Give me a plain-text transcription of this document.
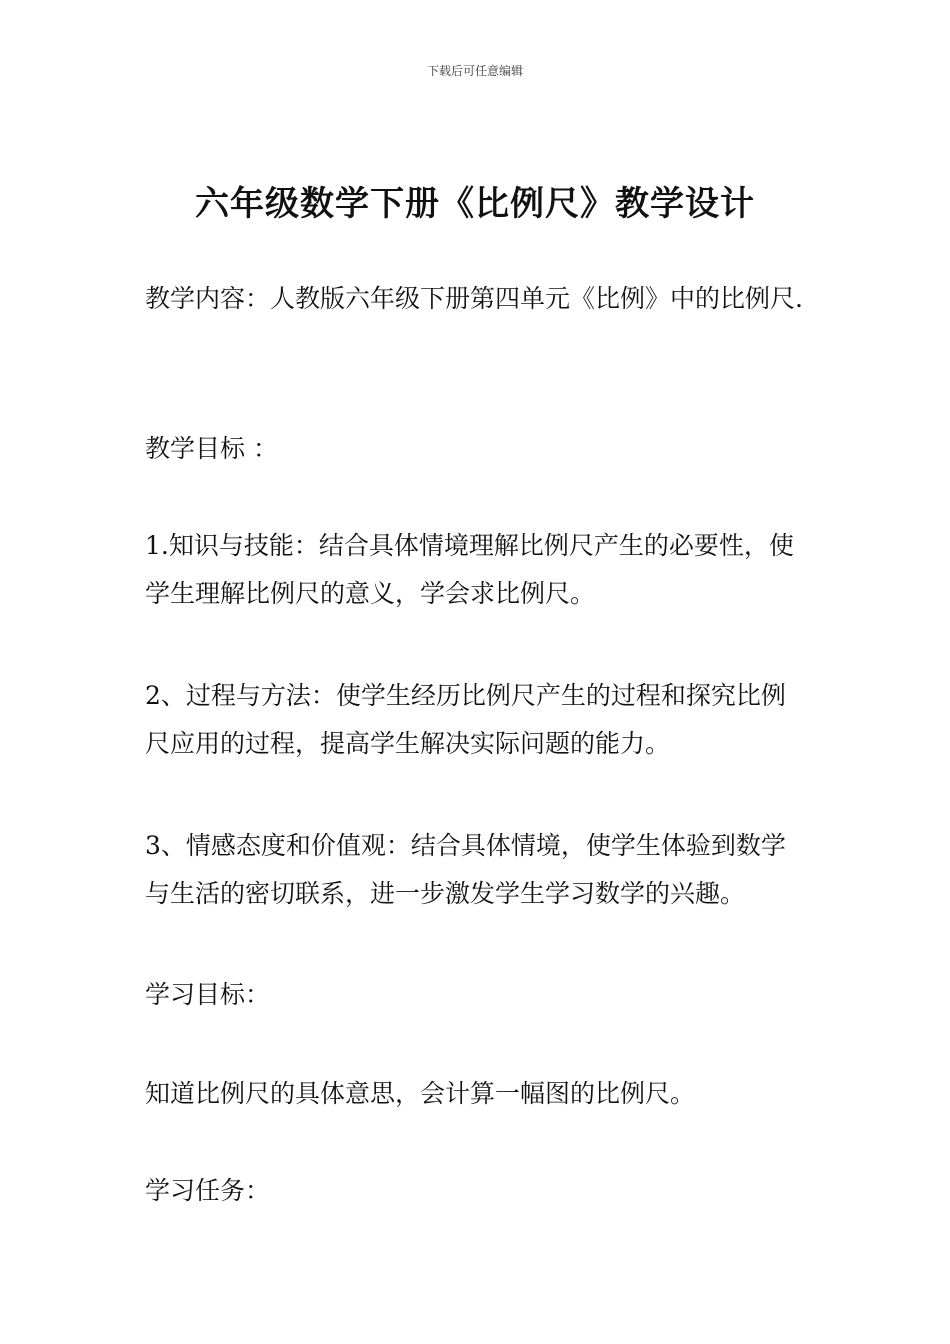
下载后可任意编辑
六年级数学下册《比例尺》教学设计

教学内容：人教版六年级下册第四单元《比例》中的比例尺.

教学目标 ：

1.知识与技能：结合具体情境理解比例尺产生的必要性，使学生理解比例尺的意义，学会求比例尺。

2、过程与方法：使学生经历比例尺产生的过程和探究比例尺应用的过程，提高学生解决实际问题的能力。

3、情感态度和价值观：结合具体情境，使学生体验到数学与生活的密切联系，进一步激发学生学习数学的兴趣。

学习目标：

知道比例尺的具体意思，会计算一幅图的比例尺。

学习任务：
